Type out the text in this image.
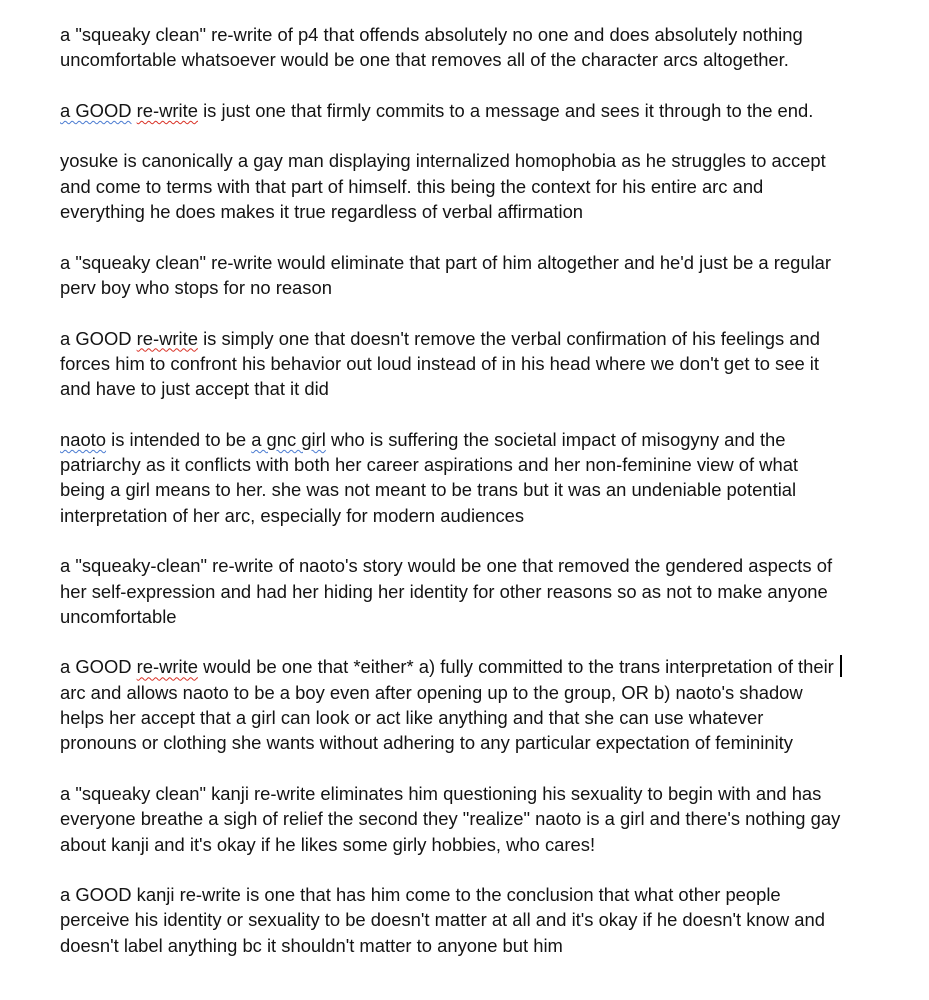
a "squeaky clean" re-write of p4 that offends absolutely no one and does absolutely nothing
uncomfortable whatsoever would be one that removes all of the character arcs altogether.

a GOOD re-write is just one that firmly commits to a message and sees it through to the end.

yosuke is canonically a gay man displaying internalized homophobia as he struggles to accept
and come to terms with that part of himself. this being the context for his entire arc and
everything he does makes it true regardless of verbal affirmation

a "squeaky clean" re-write would eliminate that part of him altogether and he'd just be a regular
perv boy who stops for no reason

a GOOD re-write is simply one that doesn't remove the verbal confirmation of his feelings and
forces him to confront his behavior out loud instead of in his head where we don't get to see it
and have to just accept that it did

naoto is intended to be a gnc girl who is suffering the societal impact of misogyny and the
patriarchy as it conflicts with both her career aspirations and her non-feminine view of what
being a girl means to her. she was not meant to be trans but it was an undeniable potential
interpretation of her arc, especially for modern audiences

a "squeaky-clean" re-write of naoto's story would be one that removed the gendered aspects of
her self-expression and had her hiding her identity for other reasons so as not to make anyone
uncomfortable

a GOOD re-write would be one that *either* a) fully committed to the trans interpretation of their
arc and allows naoto to be a boy even after opening up to the group, OR b) naoto's shadow
helps her accept that a girl can look or act like anything and that she can use whatever
pronouns or clothing she wants without adhering to any particular expectation of femininity

a "squeaky clean" kanji re-write eliminates him questioning his sexuality to begin with and has
everyone breathe a sigh of relief the second they "realize" naoto is a girl and there's nothing gay
about kanji and it's okay if he likes some girly hobbies, who cares!

a GOOD kanji re-write is one that has him come to the conclusion that what other people
perceive his identity or sexuality to be doesn't matter at all and it's okay if he doesn't know and
doesn't label anything bc it shouldn't matter to anyone but him
